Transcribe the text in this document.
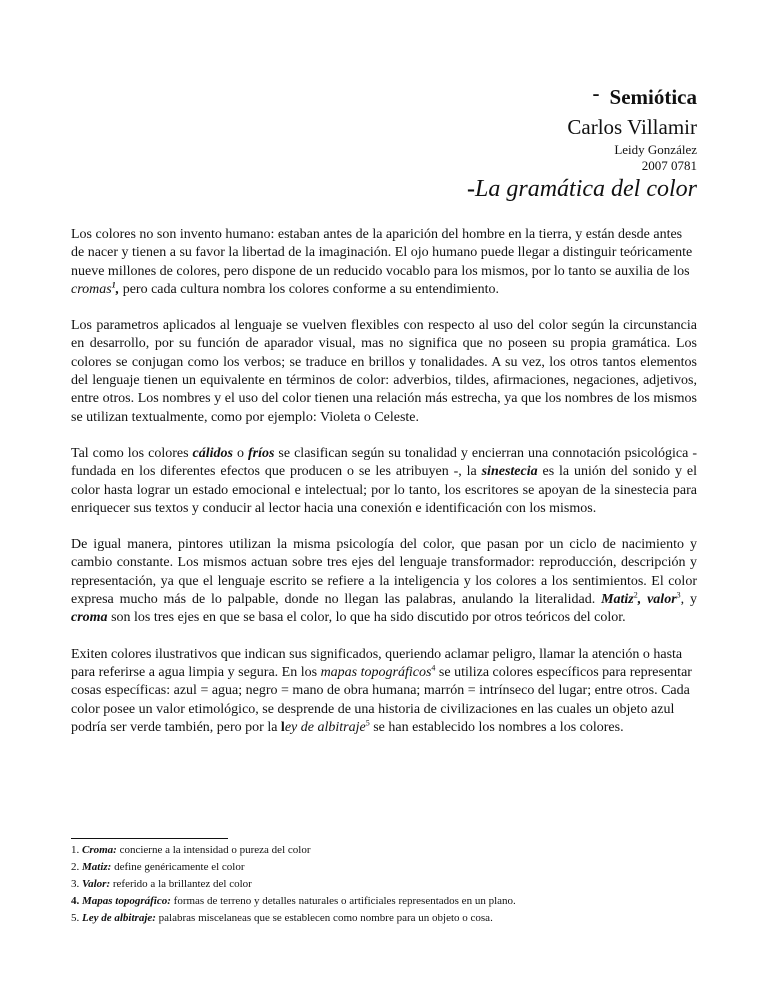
- Semiótica
Carlos Villamir
Leidy González
2007 0781
-La gramática del color

Los colores no son invento humano: estaban antes de la aparición del hombre en la tierra, y están desde antes de nacer y tienen a su favor la libertad de la imaginación. El ojo humano puede llegar a distinguir teóricamente nueve millones de colores, pero dispone de un reducido vocablo para los mismos, por lo tanto se auxilia de los cromas$^1$, pero cada cultura nombra los colores conforme a su entendimiento.

Los parametros aplicados al lenguaje se vuelven flexibles con respecto al uso del color según la circunstancia en desarrollo, por su función de aparador visual, mas no significa que no poseen su propia gramática. Los colores se conjugan como los verbos; se traduce en brillos y tonalidades. A su vez, los otros tantos elementos del lenguaje tienen un equivalente en términos de color: adverbios, tildes, afirmaciones, negaciones, adjetivos, entre otros. Los nombres y el uso del color tienen una relación más estrecha, ya que los nombres de los mismos se utilizan textualmente, como por ejemplo: Violeta o Celeste.

Tal como los colores cálidos o fríos se clasifican según su tonalidad y encierran una connotación psicológica - fundada en los diferentes efectos que producen o se les atribuyen -, la sinestecia es la unión del sonido y el color hasta lograr un estado emocional e intelectual; por lo tanto, los escritores se apoyan de la sinestecia para enriquecer sus textos y conducir al lector hacia una conexión e identificación con los mismos.

De igual manera, pintores utilizan la misma psicología del color, que pasan por un ciclo de nacimiento y cambio constante. Los mismos actuan sobre tres ejes del lenguaje transformador: reproducción, descripción y representación, ya que el lenguaje escrito se refiere a la inteligencia y los colores a los sentimientos. El color expresa mucho más de lo palpable, donde no llegan las palabras, anulando la literalidad. Matiz$^2$, valor$^3$, y croma son los tres ejes en que se basa el color, lo que ha sido discutido por otros teóricos del color.

Exiten colores ilustrativos que indican sus significados, queriendo aclamar peligro, llamar la atención o hasta para referirse a agua limpia y segura. En los mapas topográficos$^4$ se utiliza colores específicos para representar cosas específicas: azul = agua; negro = mano de obra humana; marrón = intrínseco del lugar; entre otros. Cada color posee un valor etimológico, se desprende de una historia de civilizaciones en las cuales un objeto azul podría ser verde también, pero por la ley de albitraje$^5$ se han establecido los nombres a los colores.

1. Croma: concierne a la intensidad o pureza del color
2. Matiz: define genéricamente el color
3. Valor: referido a la brillantez del color
4. Mapas topográfico: formas de terreno y detalles naturales o artificiales representados en un plano.
5. Ley de albitraje: palabras miscelaneas que se establecen como nombre para un objeto o cosa.
